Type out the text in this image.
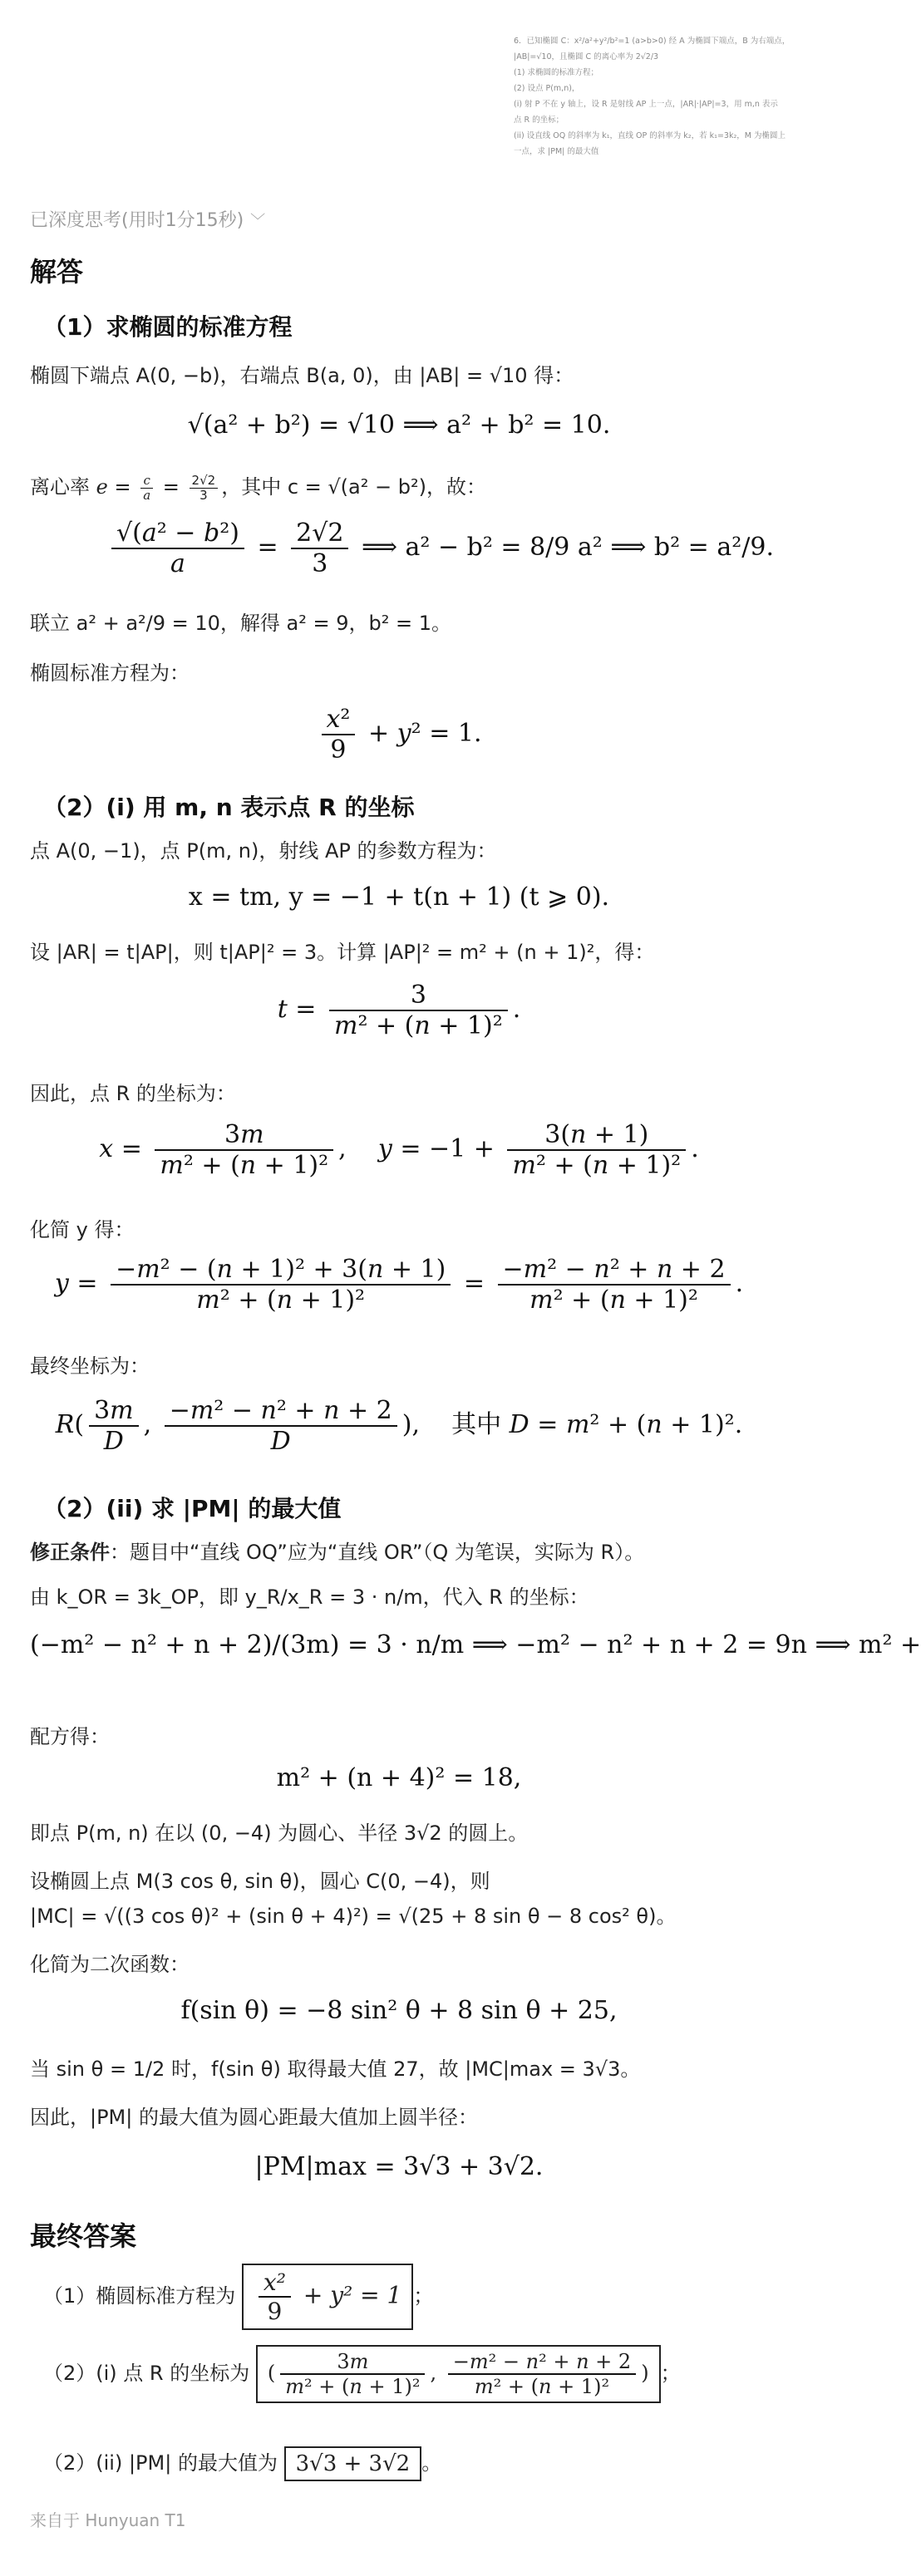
6．已知椭圆 C：x²/a²+y²/b²=1 (a>b>0) 经 A 为椭圆下端点，B 为右端点，
|AB|=√10，且椭圆 C 的离心率为 2√2/3
(1) 求椭圆的标准方程；
(2) 设点 P(m,n)，
(i) 射 P 不在 y 轴上，设 R 是射线 AP 上一点，|AR|·|AP|=3，用 m,n 表示
点 R 的坐标；
(ii) 设直线 OQ 的斜率为 k₁，直线 OP 的斜率为 k₂，若 k₁=3k₂，M 为椭圆上
一点，求 |PM| 的最大值
已深度思考(用时1分15秒) ﹀
解答
（1）求椭圆的标准方程
椭圆下端点 A(0, −b)，右端点 B(a, 0)，由 |AB| = √10 得：
√(a² + b²) = √10 ⟹ a² + b² = 10.
离心率 $e = \frac{c}{a} = \frac{2√2}{3}$ ，其中 c = √(a² − b²)，故：
$\frac{\text{√(a² − b²)}}{a} = \frac{2√2}{3}$ ⟹ a² − b² = 8/9 a² ⟹ b² = a²/9.
联立 a² + a²/9 = 10，解得 a² = 9，b² = 1。
椭圆标准方程为：
$\frac{\text{x²}}{9} + y^2 = 1$.
（2）(i) 用 m, n 表示点 R 的坐标
点 A(0, −1)，点 P(m, n)，射线 AP 的参数方程为：
x = tm, y = −1 + t(n + 1) (t ⩾ 0).
设 |AR| = t|AP|，则 t|AP|² = 3。计算 |AP|² = m² + (n + 1)²，得：
$t = \frac{3}{\text{m² + (n + 1)²}}$ .
因此，点 R 的坐标为：
$x = \frac{3m}{\text{m² + (n + 1)²}}$ ,    $y = -1 + \frac{3(n + 1)}{\text{m² + (n + 1)²}}$ .
化简 y 得：
$y = \frac{\text{−m² − (n + 1)² + 3(n + 1)}}{\text{m² + (n + 1)²}} = \frac{\text{−m² − n² + n + 2}}{\text{m² + (n + 1)²}}$ .
最终坐标为：
$R( \frac{3m}{D}$ , $\frac{\text{−m² − n² + n + 2}}{D}$ ),    其中 D = m² + (n + 1)².
（2）(ii) 求 |PM| 的最大值
修正条件：题目中“直线 OQ”应为“直线 OR”（Q 为笔误，实际为 R）。
由 k_OR = 3k_OP，即 y_R/x_R = 3 · n/m，代入 R 的坐标：
(−m² − n² + n + 2)/(3m) = 3 · n/m ⟹ −m² − n² + n + 2 = 9n ⟹ m² +
配方得：
m² + (n + 4)² = 18,
即点 P(m, n) 在以 (0, −4) 为圆心、半径 3√2 的圆上。
设椭圆上点 M(3 cos θ, sin θ)，圆心 C(0, −4)，则
|MC| = √((3 cos θ)² + (sin θ + 4)²) = √(25 + 8 sin θ − 8 cos² θ)。
化简为二次函数：
f(sin θ) = −8 sin² θ + 8 sin θ + 25,
当 sin θ = 1/2 时，f(sin θ) 取得最大值 27，故 |MC|max = 3√3。
因此，|PM| 的最大值为圆心距最大值加上圆半径：
|PM|max = 3√3 + 3√2.
最终答案
（1）椭圆标准方程为 $\frac{\text{x²}}{9} + y^2 = 1$；
（2）(i) 点 R 的坐标为 ( $\frac{3m}{\text{m² + (n + 1)²}}$ , $\frac{\text{−m² − n² + n + 2}}{\text{m² + (n + 1)²}}$ )；
（2）(ii) |PM| 的最大值为 3√3 + 3√2 。
来自于 Hunyuan T1
